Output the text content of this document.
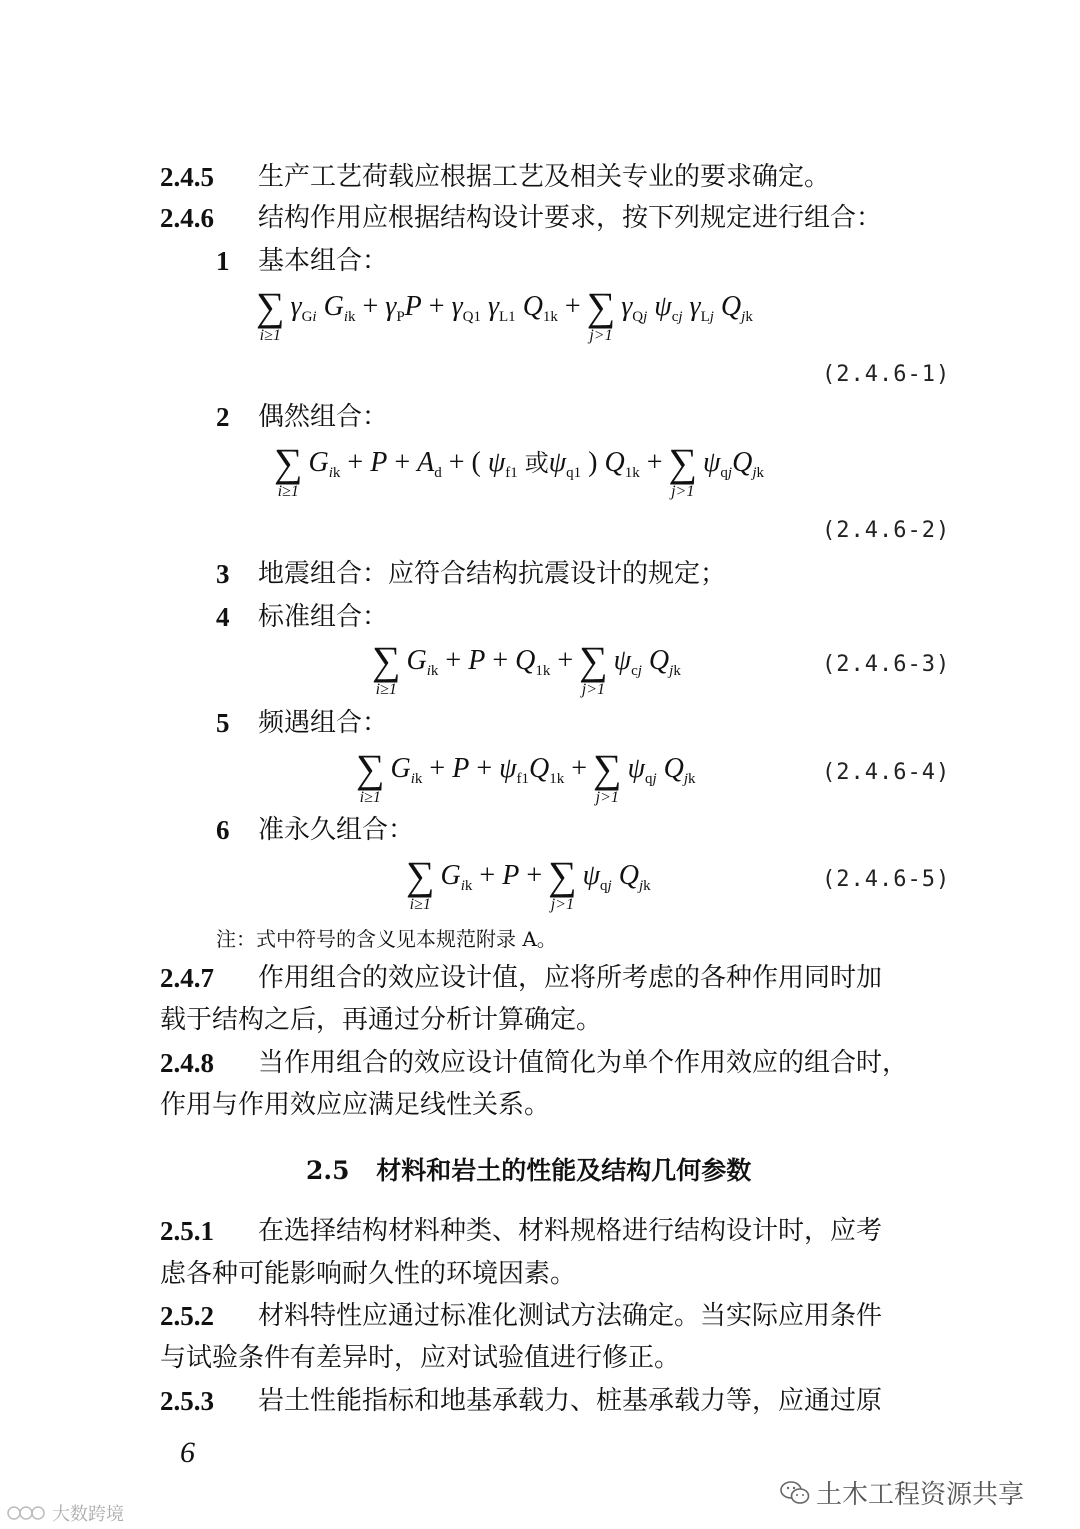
2.4.5 生产工艺荷载应根据工艺及相关专业的要求确定。
2.4.6 结构作用应根据结构设计要求，按下列规定进行组合：
1 基本组合：
∑
i≥1
$\gamma_{Gi}$ $G_{ik} + \gamma_PP + \gamma_{Q1}$ $\gamma_{L1}$ $Q_{1k}$ + ∑
j>1
$\gamma_{Qj}$ $\psi_{cj}$ $\gamma_{Lj}$ $Q_{jk}$
(2.4.6-1)
2 偶然组合：
∑
i≥1
$G_{ik} + P + A_d$ + ( $\psi_{f1}$ 或$\psi_{q1}$ ) $Q_{1k}$ + ∑
j>1
$\psi_{qj}Q_{jk}$
(2.4.6-2)
3 地震组合：应符合结构抗震设计的规定；
4 标准组合：
∑
i≥1
$G_{ik} + P + Q_{1k}$ + ∑
j>1
$\psi_{cj}$ $Q_{jk}$	(2.4.6-3)
5 频遇组合：
∑
i≥1
$G_{ik} + P + \psi_{f1}Q_{1k}$ + ∑
j>1
$\psi_{qj}$ $Q_{jk}$	(2.4.6-4)
6 准永久组合：
∑
i≥1
$G_{ik} + P$ + ∑
j>1
$\psi_{qj}$ $Q_{jk}$	(2.4.6-5)
注：式中符号的含义见本规范附录 A。
2.4.7 作用组合的效应设计值，应将所考虑的各种作用同时加
载于结构之后，再通过分析计算确定。
2.4.8 当作用组合的效应设计值简化为单个作用效应的组合时，
作用与作用效应应满足线性关系。
2.5 材料和岩土的性能及结构几何参数
2.5.1 在选择结构材料种类、材料规格进行结构设计时，应考
虑各种可能影响耐久性的环境因素。
2.5.2 材料特性应通过标准化测试方法确定。当实际应用条件
与试验条件有差异时，应对试验值进行修正。
2.5.3 岩土性能指标和地基承载力、桩基承载力等，应通过原
6
土木工程资源共享
大数跨境
